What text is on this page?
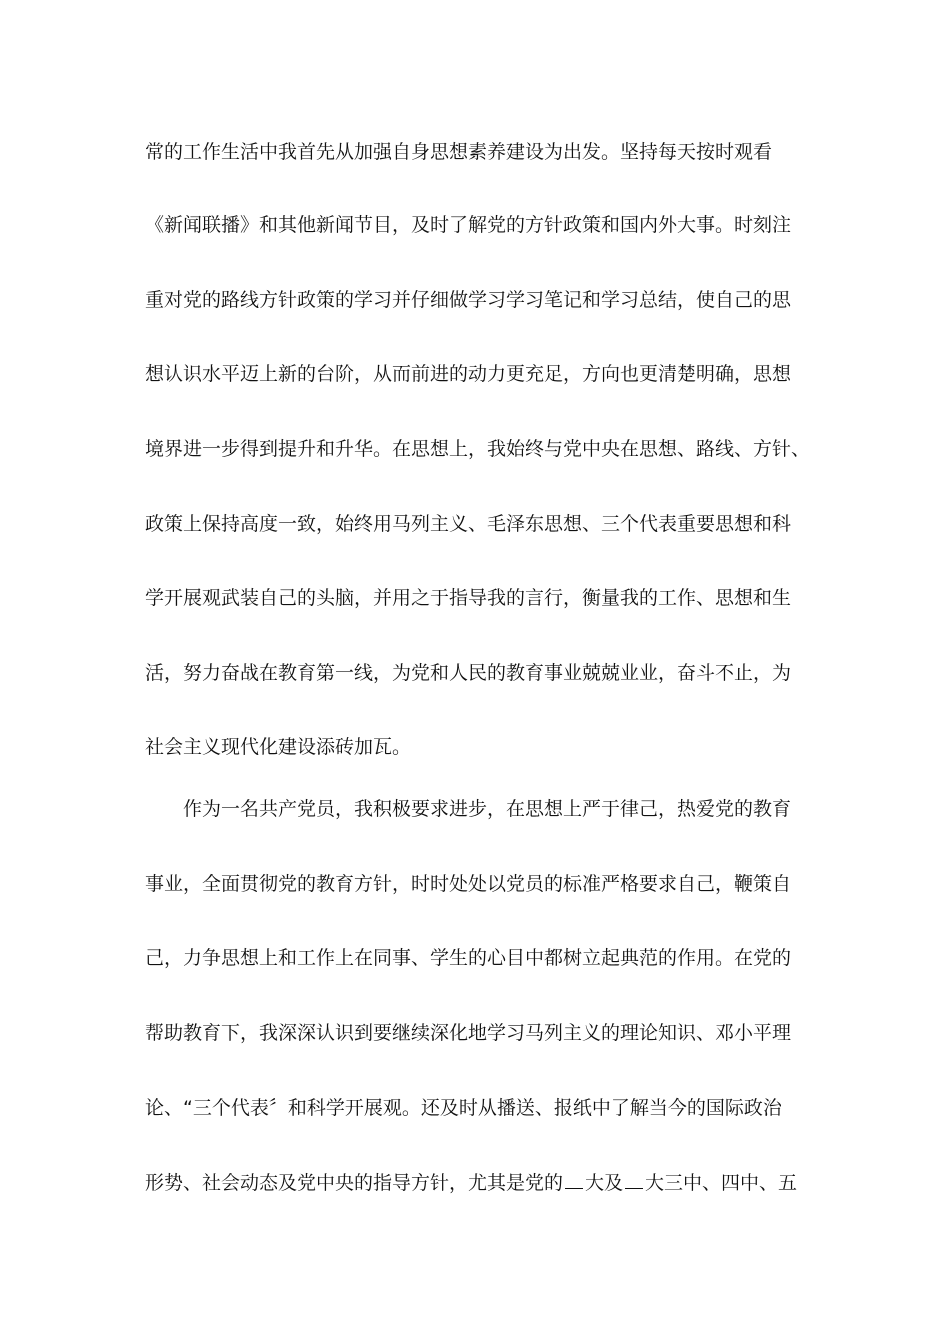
常的工作生活中我首先从加强自身思想素养建设为出发。坚持每天按时观看
《新闻联播》和其他新闻节目，及时了解党的方针政策和国内外大事。时刻注
重对党的路线方针政策的学习并仔细做学习学习笔记和学习总结，使自己的思
想认识水平迈上新的台阶，从而前进的动力更充足，方向也更清楚明确，思想
境界进一步得到提升和升华。在思想上，我始终与党中央在思想、路线、方针、
政策上保持高度一致，始终用马列主义、毛泽东思想、三个代表重要思想和科
学开展观武装自己的头脑，并用之于指导我的言行，衡量我的工作、思想和生
活，努力奋战在教育第一线，为党和人民的教育事业兢兢业业，奋斗不止，为
社会主义现代化建设添砖加瓦。
作为一名共产党员，我积极要求进步，在思想上严于律己，热爱党的教育
事业，全面贯彻党的教育方针，时时处处以党员的标准严格要求自己，鞭策自
己，力争思想上和工作上在同事、学生的心目中都树立起典范的作用。在党的
帮助教育下，我深深认识到要继续深化地学习马列主义的理论知识、邓小平理
论、“三个代表〞和科学开展观。还及时从播送、报纸中了解当今的国际政治
形势、社会动态及党中央的指导方针，尤其是党的 大及 大三中、四中、五
